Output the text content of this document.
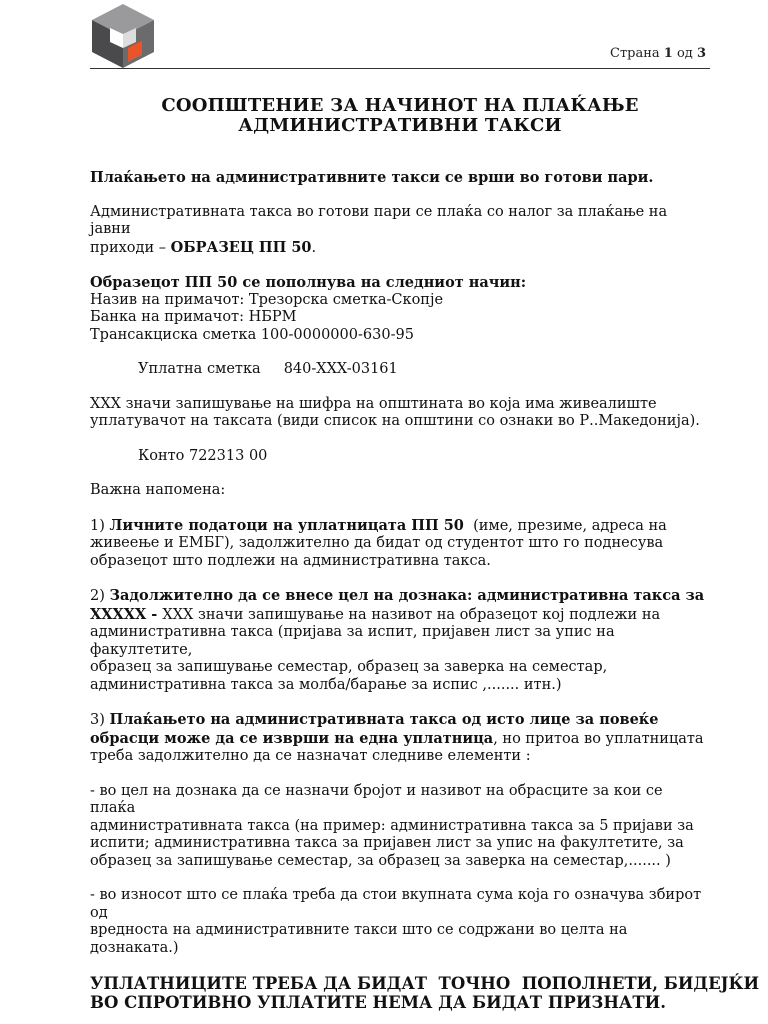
Страна 1 од 3
СООПШТЕНИЕ ЗА НАЧИНОТ НА ПЛАЌАЊЕ
АДМИНИСТРАТИВНИ ТАКСИ

Плаќањето на административните такси се врши во готови пари.

Административната такса во готови пари се плаќа со налог за плаќање на јавни
приходи – ОБРАЗЕЦ ПП 50.

Образецот ПП 50 се пополнува на следниот начин:
Назив на примачот: Трезорска сметка-Скопје
Банка на примачот: НБРМ
Трансакциска сметка 100-0000000-630-95

Уплатна сметка     840-XXX-03161

XXX значи запишување на шифра на општината во која има живеалиште
уплатувачот на таксата (види список на општини со ознаки во Р..Македонија).

Конто 722313 00

Важна напомена:

1) Личните податоци на уплатницата ПП 50  (име, презиме, адреса на
живеење и ЕМБГ), задолжително да бидат од студентот што го поднесува
образецот што подлежи на административна такса.

2) Задолжително да се внесе цел на дознака: административна такса за
XXXXX - XXX значи запишување на називот на образецот кој подлежи на
административна такса (пријава за испит, пријавен лист за упис на факултетите,
образец за запишување семестар, образец за заверка на семестар,
административна такса за молба/барање за испис ,....... итн.)

3) Плаќањето на административната такса од исто лице за повеќе
обрасци може да се изврши на една уплатница, но притоа во уплатницата
треба задолжително да се назначат следниве елементи :

- во цел на дознака да се назначи бројот и називот на обрасците за кои се плаќа
административната такса (на пример: административна такса за 5 пријави за
испити; административна такса за пријавен лист за упис на факултетите, за
образец за запишување семестар, за образец за заверка на семестар,....... )

- во износот што се плаќа треба да стои вкупната сума која го означува збирот од
вредноста на административните такси што се содржани во целта на дознаката.)

УПЛАТНИЦИТЕ ТРЕБА ДА БИДАТ  ТОЧНО  ПОПОЛНЕТИ, БИДЕЈЌИ
ВО СПРОТИВНО УПЛАТИТЕ НЕМА ДА БИДАТ ПРИЗНАТИ.
